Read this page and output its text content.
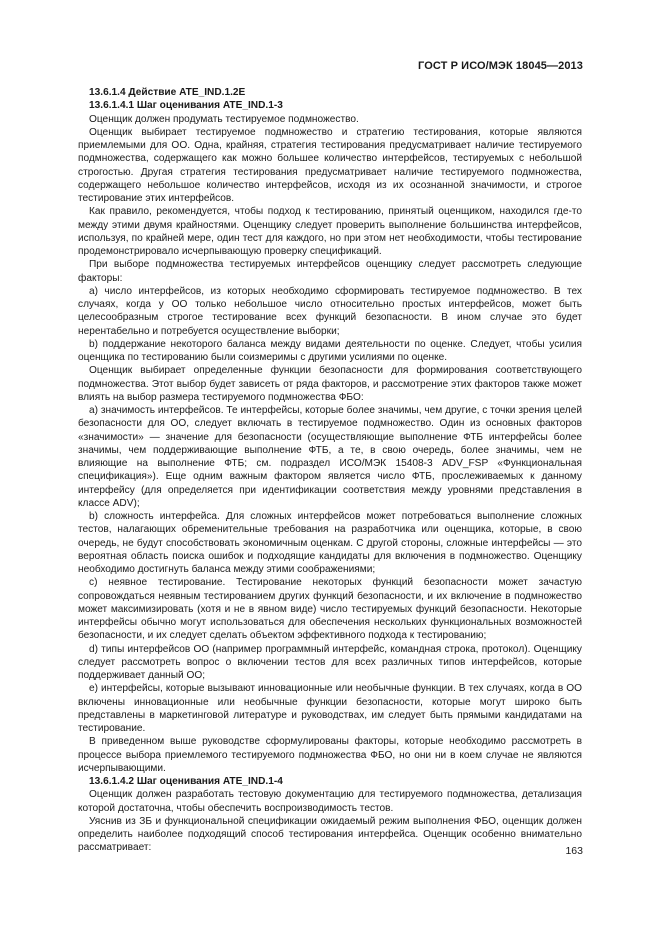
ГОСТ Р ИСО/МЭК 18045—2013

13.6.1.4 Действие ATE_IND.1.2E

13.6.1.4.1 Шаг оценивания ATE_IND.1-3

Оценщик должен продумать тестируемое подмножество.

Оценщик выбирает тестируемое подмножество и стратегию тестирования, которые являются приемлемыми для ОО. Одна, крайняя, стратегия тестирования предусматривает наличие тестируемого подмножества, содержащего как можно большее количество интерфейсов, тестируемых с небольшой строгостью. Другая стратегия тестирования предусматривает наличие тестируемого подмножества, содержащего небольшое количество интерфейсов, исходя из их осознанной значимости, и строгое тестирование этих интерфейсов.

Как правило, рекомендуется, чтобы подход к тестированию, принятый оценщиком, находился где-то между этими двумя крайностями. Оценщику следует проверить выполнение большинства интерфейсов, используя, по крайней мере, один тест для каждого, но при этом нет необходимости, чтобы тестирование продемонстрировало исчерпывающую проверку спецификаций.

При выборе подмножества тестируемых интерфейсов оценщику следует рассмотреть следующие факторы:

a) число интерфейсов, из которых необходимо сформировать тестируемое подмножество. В тех случаях, когда у ОО только небольшое число относительно простых интерфейсов, может быть целесообразным строгое тестирование всех функций безопасности. В ином случае это будет нерентабельно и потребуется осуществление выборки;

b) поддержание некоторого баланса между видами деятельности по оценке. Следует, чтобы усилия оценщика по тестированию были соизмеримы с другими усилиями по оценке.

Оценщик выбирает определенные функции безопасности для формирования соответствующего подмножества. Этот выбор будет зависеть от ряда факторов, и рассмотрение этих факторов также может влиять на выбор размера тестируемого подмножества ФБО:

a) значимость интерфейсов. Те интерфейсы, которые более значимы, чем другие, с точки зрения целей безопасности для ОО, следует включать в тестируемое подмножество. Один из основных факторов «значимости» — значение для безопасности (осуществляющие выполнение ФТБ интерфейсы более значимы, чем поддерживающие выполнение ФТБ, а те, в свою очередь, более значимы, чем не влияющие на выполнение ФТБ; см. подраздел ИСО/МЭК 15408-3 ADV_FSP «Функциональная спецификация»). Еще одним важным фактором является число ФТБ, прослеживаемых к данному интерфейсу (для определяется при идентификации соответствия между уровнями представления в классе ADV);

b) сложность интерфейса. Для сложных интерфейсов может потребоваться выполнение сложных тестов, налагающих обременительные требования на разработчика или оценщика, которые, в свою очередь, не будут способствовать экономичным оценкам. С другой стороны, сложные интерфейсы — это вероятная область поиска ошибок и подходящие кандидаты для включения в подмножество. Оценщику необходимо достигнуть баланса между этими соображениями;

c) неявное тестирование. Тестирование некоторых функций безопасности может зачастую сопровождаться неявным тестированием других функций безопасности, и их включение в подмножество может максимизировать (хотя и не в явном виде) число тестируемых функций безопасности. Некоторые интерфейсы обычно могут использоваться для обеспечения нескольких функциональных возможностей безопасности, и их следует сделать объектом эффективного подхода к тестированию;

d) типы интерфейсов ОО (например программный интерфейс, командная строка, протокол). Оценщику следует рассмотреть вопрос о включении тестов для всех различных типов интерфейсов, которые поддерживает данный ОО;

e) интерфейсы, которые вызывают инновационные или необычные функции. В тех случаях, когда в ОО включены инновационные или необычные функции безопасности, которые могут широко быть представлены в маркетинговой литературе и руководствах, им следует быть прямыми кандидатами на тестирование.

В приведенном выше руководстве сформулированы факторы, которые необходимо рассмотреть в процессе выбора приемлемого тестируемого подмножества ФБО, но они ни в коем случае не являются исчерпывающими.

13.6.1.4.2 Шаг оценивания ATE_IND.1-4

Оценщик должен разработать тестовую документацию для тестируемого подмножества, детализация которой достаточна, чтобы обеспечить воспроизводимость тестов.

Уяснив из ЗБ и функциональной спецификации ожидаемый режим выполнения ФБО, оценщик должен определить наиболее подходящий способ тестирования интерфейса. Оценщик особенно внимательно рассматривает:	163
